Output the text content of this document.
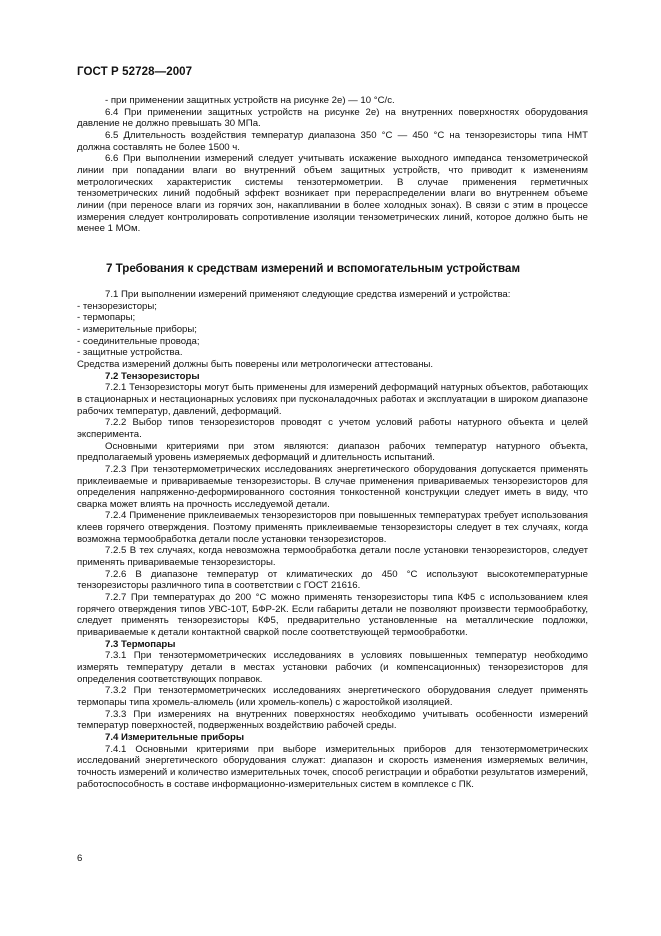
ГОСТ Р 52728—2007

- при применении защитных устройств на рисунке 2е) — 10 °С/с.

6.4 При применении защитных устройств на рисунке 2е) на внутренних поверхностях оборудования давление не должно превышать 30 МПа.

6.5 Длительность воздействия температур диапазона 350 °С — 450 °С на тензорезисторы типа НМТ должна составлять не более 1500 ч.

6.6 При выполнении измерений следует учитывать искажение выходного импеданса тензометрической линии при попадании влаги во внутренний объем защитных устройств, что приводит к изменениям метрологических характеристик системы тензотермометрии. В случае применения герметичных тензометрических линий подобный эффект возникает при перераспределении влаги во внутреннем объеме линии (при переносе влаги из горячих зон, накапливании в более холодных зонах). В связи с этим в процессе измерения следует контролировать сопротивление изоляции тензометрических линий, которое должно быть не менее 1 МОм.

7 Требования к средствам измерений и вспомогательным устройствам

7.1 При выполнении измерений применяют следующие средства измерений и устройства:

- тензорезисторы;

- термопары;

- измерительные приборы;

- соединительные провода;

- защитные устройства.

Средства измерений должны быть поверены или метрологически аттестованы.

7.2 Тензорезисторы

7.2.1 Тензорезисторы могут быть применены для измерений деформаций натурных объектов, работающих в стационарных и нестационарных условиях при пусконаладочных работах и эксплуатации в широком диапазоне рабочих температур, давлений, деформаций.

7.2.2 Выбор типов тензорезисторов проводят с учетом условий работы натурного объекта и целей эксперимента.

Основными критериями при этом являются: диапазон рабочих температур натурного объекта, предполагаемый уровень измеряемых деформаций и длительность испытаний.

7.2.3 При тензотермометрических исследованиях энергетического оборудования допускается применять приклеиваемые и привариваемые тензорезисторы. В случае применения привариваемых тензорезисторов для определения напряженно-деформированного состояния тонкостенной конструкции следует иметь в виду, что сварка может влиять на прочность исследуемой детали.

7.2.4 Применение приклеиваемых тензорезисторов при повышенных температурах требует использования клеев горячего отверждения. Поэтому применять приклеиваемые тензорезисторы следует в тех случаях, когда возможна термообработка детали после установки тензорезисторов.

7.2.5 В тех случаях, когда невозможна термообработка детали после установки тензорезисторов, следует применять привариваемые тензорезисторы.

7.2.6 В диапазоне температур от климатических до 450 °С используют высокотемпературные тензорезисторы различного типа в соответствии с ГОСТ 21616.

7.2.7 При температурах до 200 °С можно применять тензорезисторы типа КФ5 с использованием клея горячего отверждения типов УВС-10Т, БФР-2К. Если габариты детали не позволяют произвести термообработку, следует применять тензорезисторы КФ5, предварительно установленные на металлические подложки, привариваемые к детали контактной сваркой после соответствующей термообработки.

7.3 Термопары

7.3.1 При тензотермометрических исследованиях в условиях повышенных температур необходимо измерять температуру детали в местах установки рабочих (и компенсационных) тензорезисторов для определения соответствующих поправок.

7.3.2 При тензотермометрических исследованиях энергетического оборудования следует применять термопары типа хромель-алюмель (или хромель-копель) с жаростойкой изоляцией.

7.3.3 При измерениях на внутренних поверхностях необходимо учитывать особенности измерений температур поверхностей, подверженных воздействию рабочей среды.

7.4 Измерительные приборы

7.4.1 Основными критериями при выборе измерительных приборов для тензотермометрических исследований энергетического оборудования служат: диапазон и скорость изменения измеряемых величин, точность измерений и количество измерительных точек, способ регистрации и обработки результатов измерений, работоспособность в составе информационно-измерительных систем в комплексе с ПК.

6
